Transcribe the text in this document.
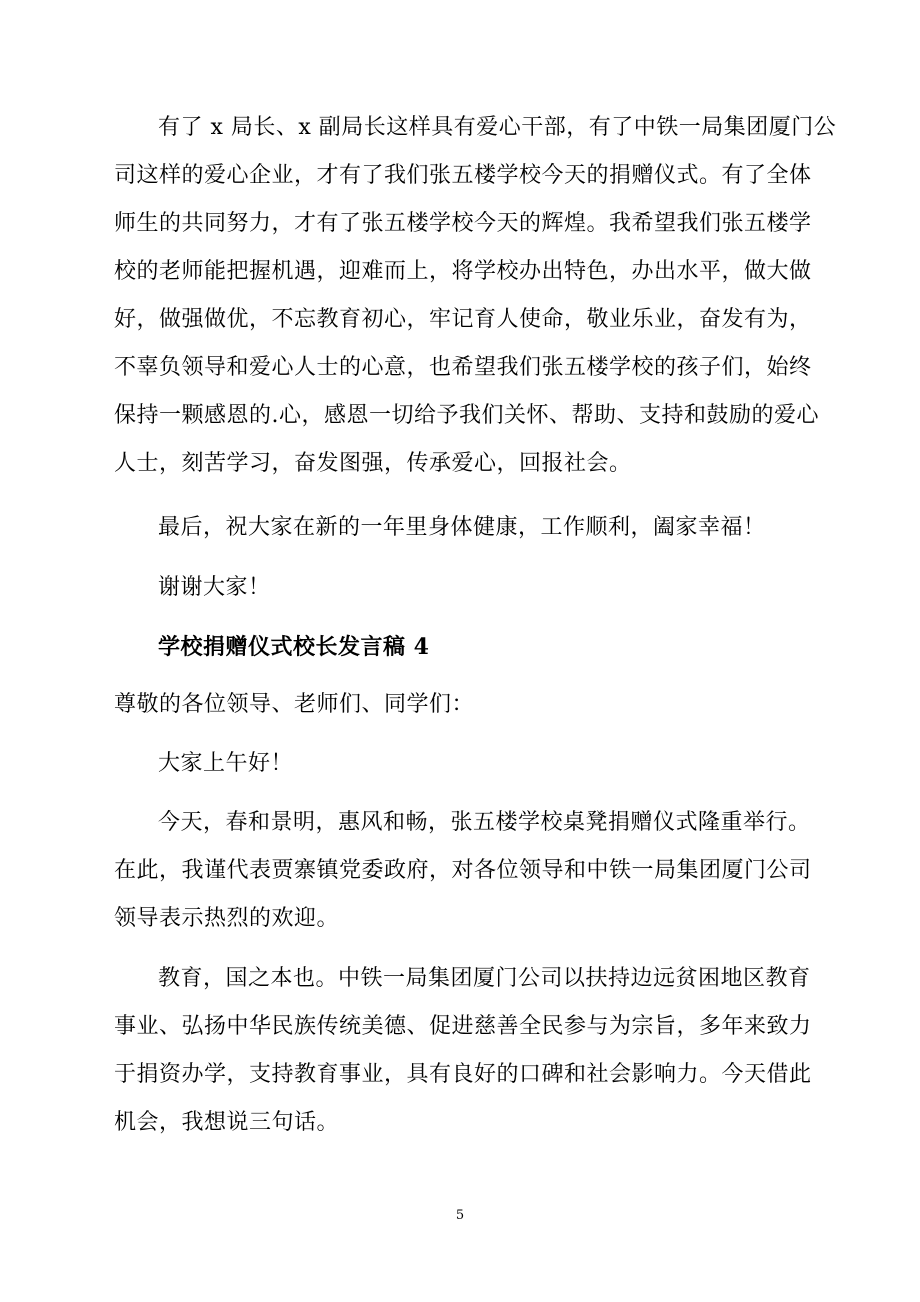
有了 x 局长、x 副局长这样具有爱心干部，有了中铁一局集团厦门公
司这样的爱心企业，才有了我们张五楼学校今天的捐赠仪式。有了全体
师生的共同努力，才有了张五楼学校今天的辉煌。我希望我们张五楼学
校的老师能把握机遇，迎难而上，将学校办出特色，办出水平，做大做
好，做强做优，不忘教育初心，牢记育人使命，敬业乐业，奋发有为，
不辜负领导和爱心人士的心意，也希望我们张五楼学校的孩子们，始终
保持一颗感恩的.心，感恩一切给予我们关怀、帮助、支持和鼓励的爱心
人士，刻苦学习，奋发图强，传承爱心，回报社会。
最后，祝大家在新的一年里身体健康，工作顺利，阖家幸福！
谢谢大家！
学校捐赠仪式校长发言稿 4
尊敬的各位领导、老师们、同学们：
大家上午好！
今天，春和景明，惠风和畅，张五楼学校桌凳捐赠仪式隆重举行。
在此，我谨代表贾寨镇党委政府，对各位领导和中铁一局集团厦门公司
领导表示热烈的欢迎。
教育，国之本也。中铁一局集团厦门公司以扶持边远贫困地区教育
事业、弘扬中华民族传统美德、促进慈善全民参与为宗旨，多年来致力
于捐资办学，支持教育事业，具有良好的口碑和社会影响力。今天借此
机会，我想说三句话。
5
